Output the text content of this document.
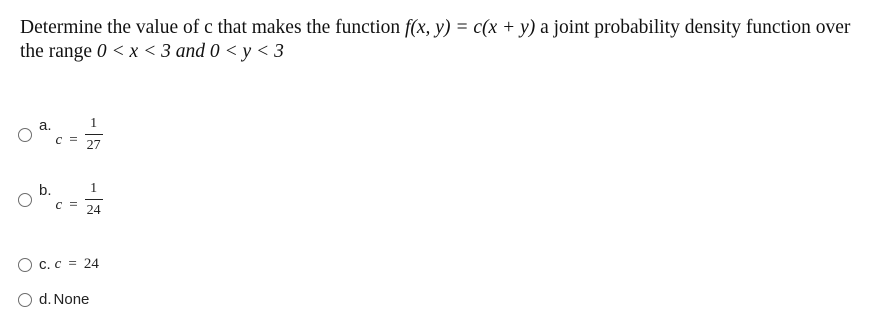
Determine the value of c that makes the function f(x, y) = c(x + y) a joint probability density function over the range 0 < x < 3 and 0 < y < 3
a.
$c = \frac{1}{27}$
b.
$c = \frac{1}{24}$
c. c = 24
d. None
